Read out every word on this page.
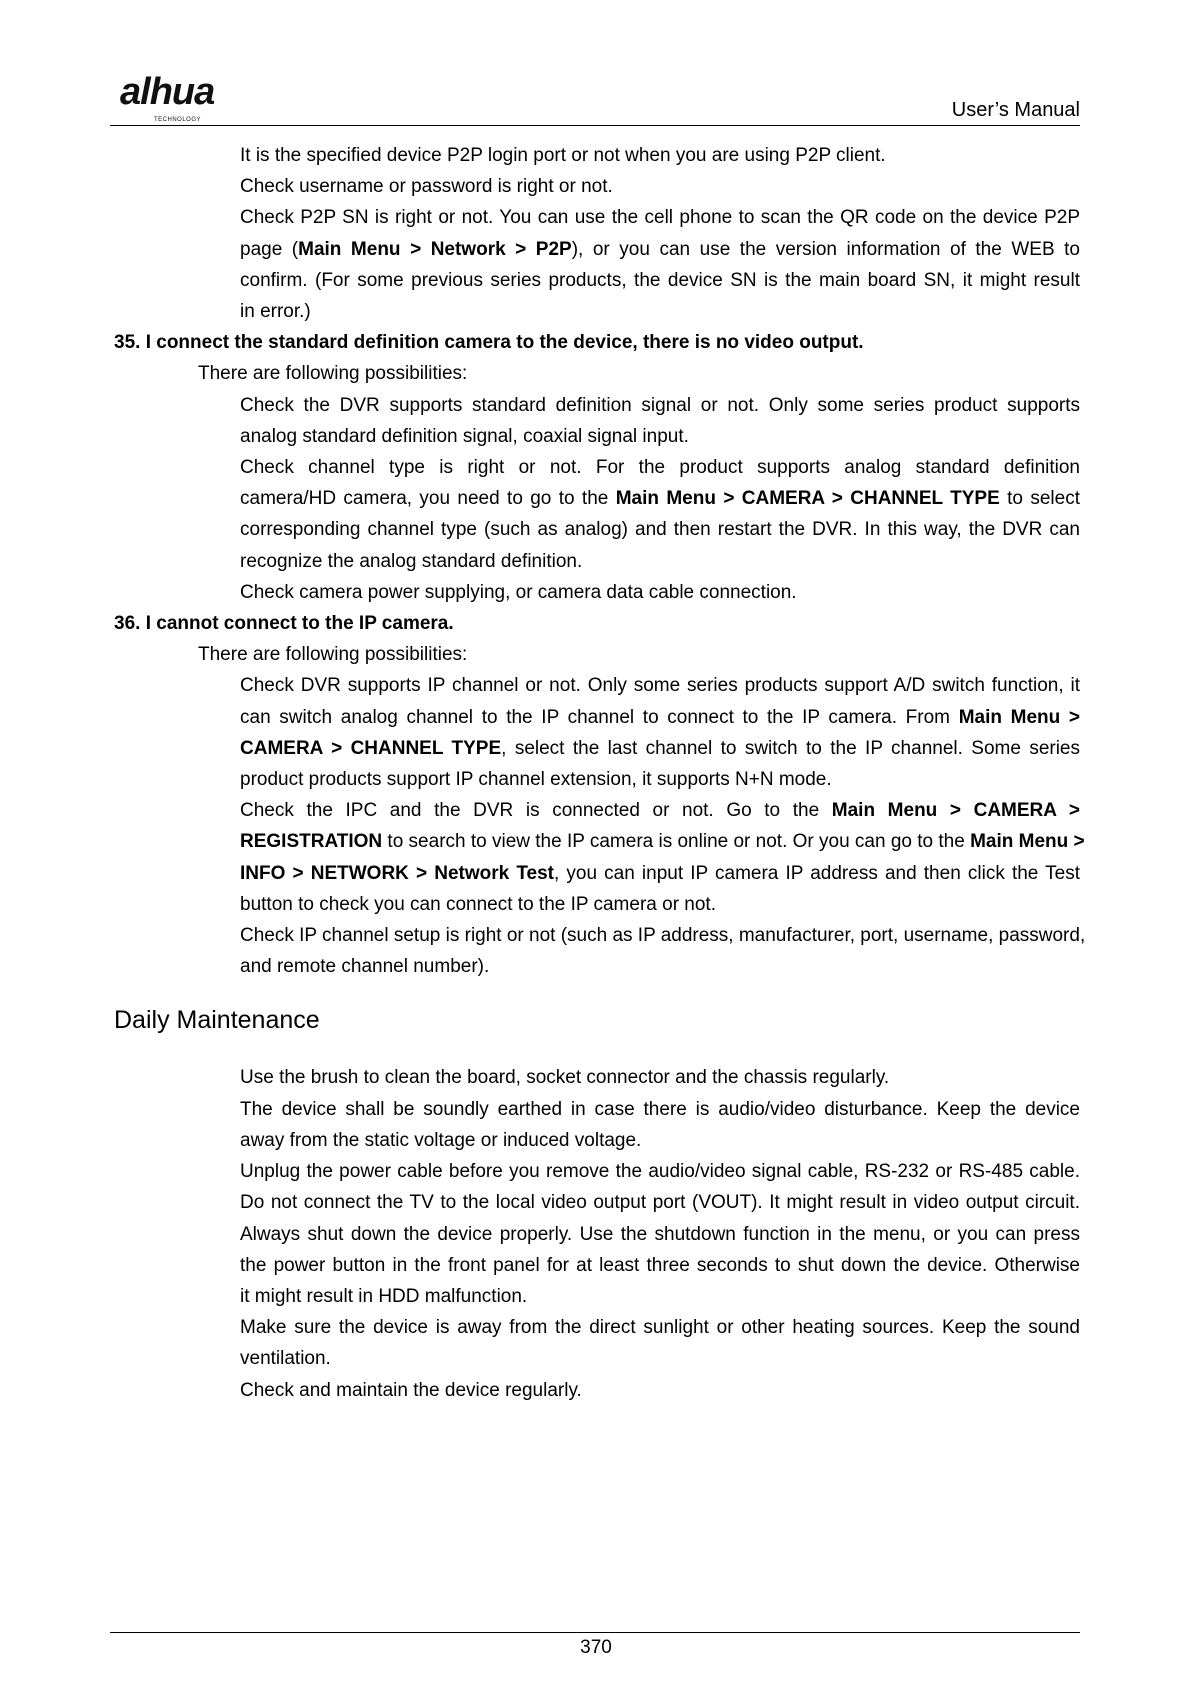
alhua
TECHNOLOGY	User’s Manual
It is the specified device P2P login port or not when you are using P2P client.
Check username or password is right or not.
Check P2P SN is right or not. You can use the cell phone to scan the QR code on the device P2P
page (Main Menu > Network > P2P), or you can use the version information of the WEB to
confirm. (For some previous series products, the device SN is the main board SN, it might result
in error.)
35. I connect the standard definition camera to the device, there is no video output.
There are following possibilities:
Check the DVR supports standard definition signal or not. Only some series product supports
analog standard definition signal, coaxial signal input.
Check channel type is right or not. For the product supports analog standard definition
camera/HD camera, you need to go to the Main Menu > CAMERA > CHANNEL TYPE to select
corresponding channel type (such as analog) and then restart the DVR. In this way, the DVR can
recognize the analog standard definition.
Check camera power supplying, or camera data cable connection.
36. I cannot connect to the IP camera.
There are following possibilities:
Check DVR supports IP channel or not. Only some series products support A/D switch function, it
can switch analog channel to the IP channel to connect to the IP camera. From Main Menu >
CAMERA > CHANNEL TYPE, select the last channel to switch to the IP channel. Some series
product products support IP channel extension, it supports N+N mode.
Check the IPC and the DVR is connected or not. Go to the Main Menu > CAMERA >
REGISTRATION to search to view the IP camera is online or not. Or you can go to the Main Menu >
INFO > NETWORK > Network Test, you can input IP camera IP address and then click the Test
button to check you can connect to the IP camera or not.
Check IP channel setup is right or not (such as IP address, manufacturer, port, username, password,
and remote channel number).
Daily Maintenance
Use the brush to clean the board, socket connector and the chassis regularly.
The device shall be soundly earthed in case there is audio/video disturbance. Keep the device
away from the static voltage or induced voltage.
Unplug the power cable before you remove the audio/video signal cable, RS-232 or RS-485 cable.
Do not connect the TV to the local video output port (VOUT). It might result in video output circuit.
Always shut down the device properly. Use the shutdown function in the menu, or you can press
the power button in the front panel for at least three seconds to shut down the device. Otherwise
it might result in HDD malfunction.
Make sure the device is away from the direct sunlight or other heating sources. Keep the sound
ventilation.
Check and maintain the device regularly.
370
